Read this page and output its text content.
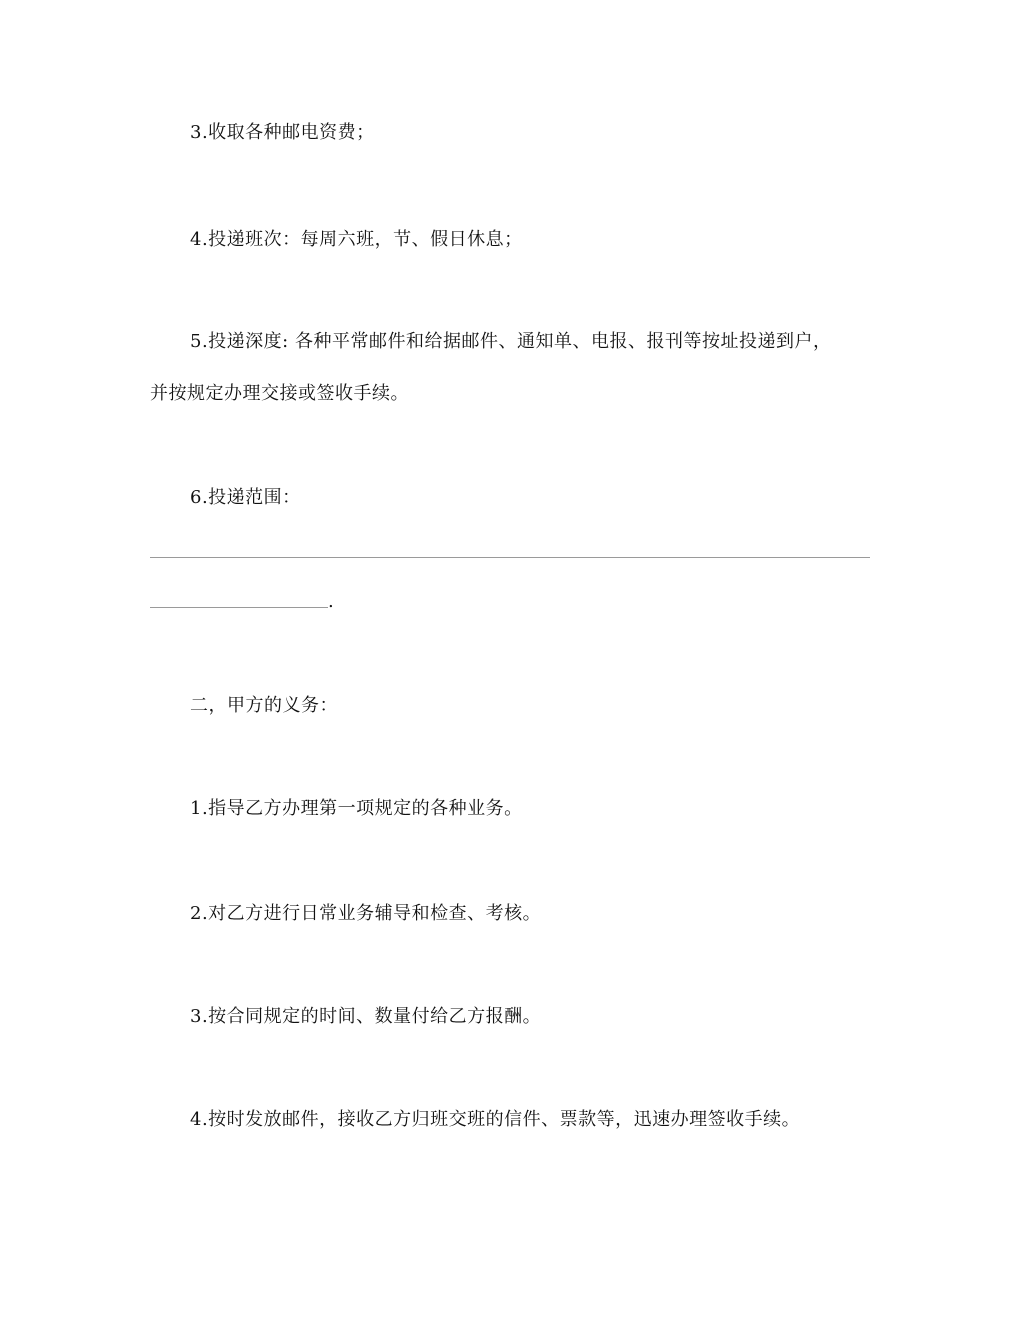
3.收取各种邮电资费；
4.投递班次：每周六班，节、假日休息；
5.投递深度: 各种平常邮件和给据邮件、通知单、电报、报刊等按址投递到户，
并按规定办理交接或签收手续。
6.投递范围：
.
二，甲方的义务：
1.指导乙方办理第一项规定的各种业务。
2.对乙方进行日常业务辅导和检查、考核。
3.按合同规定的时间、数量付给乙方报酬。
4.按时发放邮件，接收乙方归班交班的信件、票款等，迅速办理签收手续。
